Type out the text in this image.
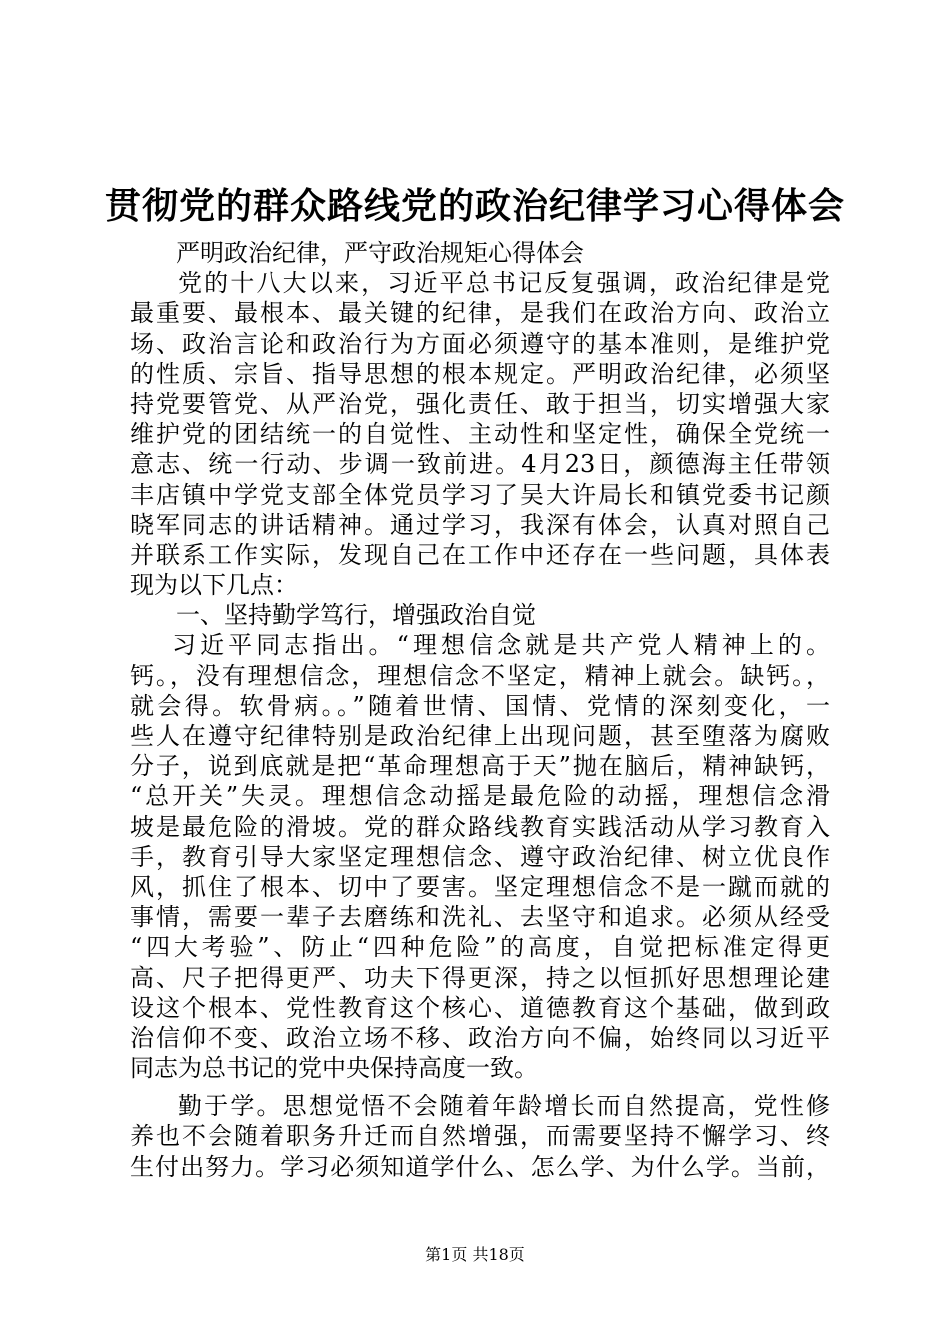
贯彻党的群众路线党的政治纪律学习心得体会
严明政治纪律，严守政治规矩心得体会
党的十八大以来，习近平总书记反复强调，政治纪律是党
最重要、最根本、最关键的纪律，是我们在政治方向、政治立
场、政治言论和政治行为方面必须遵守的基本准则，是维护党
的性质、宗旨、指导思想的根本规定。严明政治纪律，必须坚
持党要管党、从严治党，强化责任、敢于担当，切实增强大家
维护党的团结统一的自觉性、主动性和坚定性，确保全党统一
意志、统一行动、步调一致前进。4月23日，颜德海主任带领
丰店镇中学党支部全体党员学习了吴大许局长和镇党委书记颜
晓军同志的讲话精神。通过学习，我深有体会，认真对照自己
并联系工作实际，发现自己在工作中还存在一些问题，具体表
现为以下几点：
一、坚持勤学笃行，增强政治自觉
习近平同志指出。“理想信念就是共产党人精神上的。
钙。，没有理想信念，理想信念不坚定，精神上就会。缺钙。，
就会得。软骨病。。”随着世情、国情、党情的深刻变化，一
些人在遵守纪律特别是政治纪律上出现问题，甚至堕落为腐败
分子，说到底就是把“革命理想高于天”抛在脑后，精神缺钙，
“总开关”失灵。理想信念动摇是最危险的动摇，理想信念滑
坡是最危险的滑坡。党的群众路线教育实践活动从学习教育入
手，教育引导大家坚定理想信念、遵守政治纪律、树立优良作
风，抓住了根本、切中了要害。坚定理想信念不是一蹴而就的
事情，需要一辈子去磨练和洗礼、去坚守和追求。必须从经受
“四大考验”、防止“四种危险”的高度，自觉把标准定得更
高、尺子把得更严、功夫下得更深，持之以恒抓好思想理论建
设这个根本、党性教育这个核心、道德教育这个基础，做到政
治信仰不变、政治立场不移、政治方向不偏，始终同以习近平
同志为总书记的党中央保持高度一致。
勤于学。思想觉悟不会随着年龄增长而自然提高，党性修
养也不会随着职务升迁而自然增强，而需要坚持不懈学习、终
生付出努力。学习必须知道学什么、怎么学、为什么学。当前，
第1页 共18页
